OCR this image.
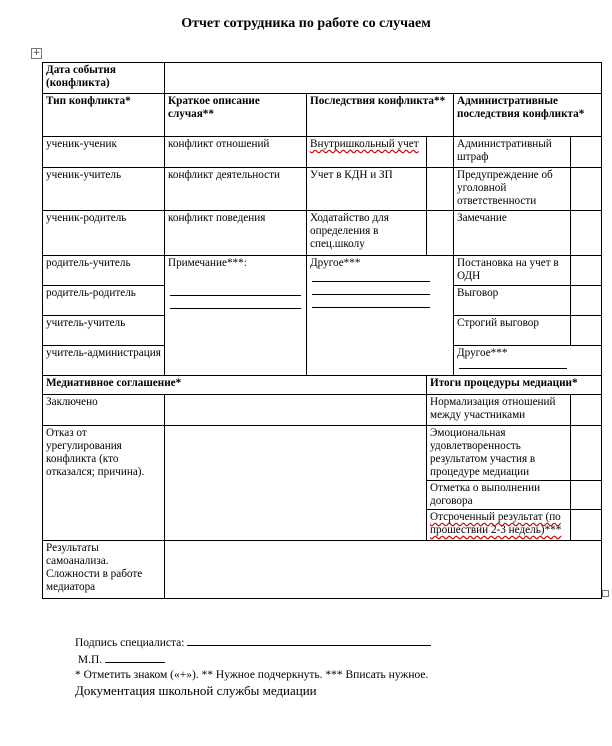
Отчет сотрудника по работе со случаем
+
Дата события (конфликта)					
Тип конфликта*	Краткое описание случая**	Последствия конфликта**		Административные последствия конфликта*	
ученик-ученик	конфликт отношений	Внутришкольный учет		Административный штраф	
ученик-учитель	конфликт деятельности	Учет в КДН и ЗП		Предупреждение об уголовной ответственности	
ученик-родитель	конфликт поведения	Ходатайство для определения в спец.школу		Замечание	
родитель-учитель	Примечание***:	Другое***		Постановка на учет в ОДН	
родитель-родитель				Выговор	
учитель-учитель				Строгий выговор	
учитель-администрация				Другое***	

Медиативное соглашение*			Итоги процедуры медиации*		
Заключено			Нормализация отношений между участниками		
Отказ от урегулирования конфликта (кто отказался; причина).			Эмоциональная удовлетворенность результатом участия в процедуре медиации		
			Отметка о выполнении договора		
			Отсроченный результат (по прошествии 2-3 недель)***		
Результаты самоанализа. Сложности в работе медиатора					
Подпись специалиста:
М.П.
* Отметить знаком («+»). ** Нужное подчеркнуть. *** Вписать нужное.
Документация школьной службы медиации
